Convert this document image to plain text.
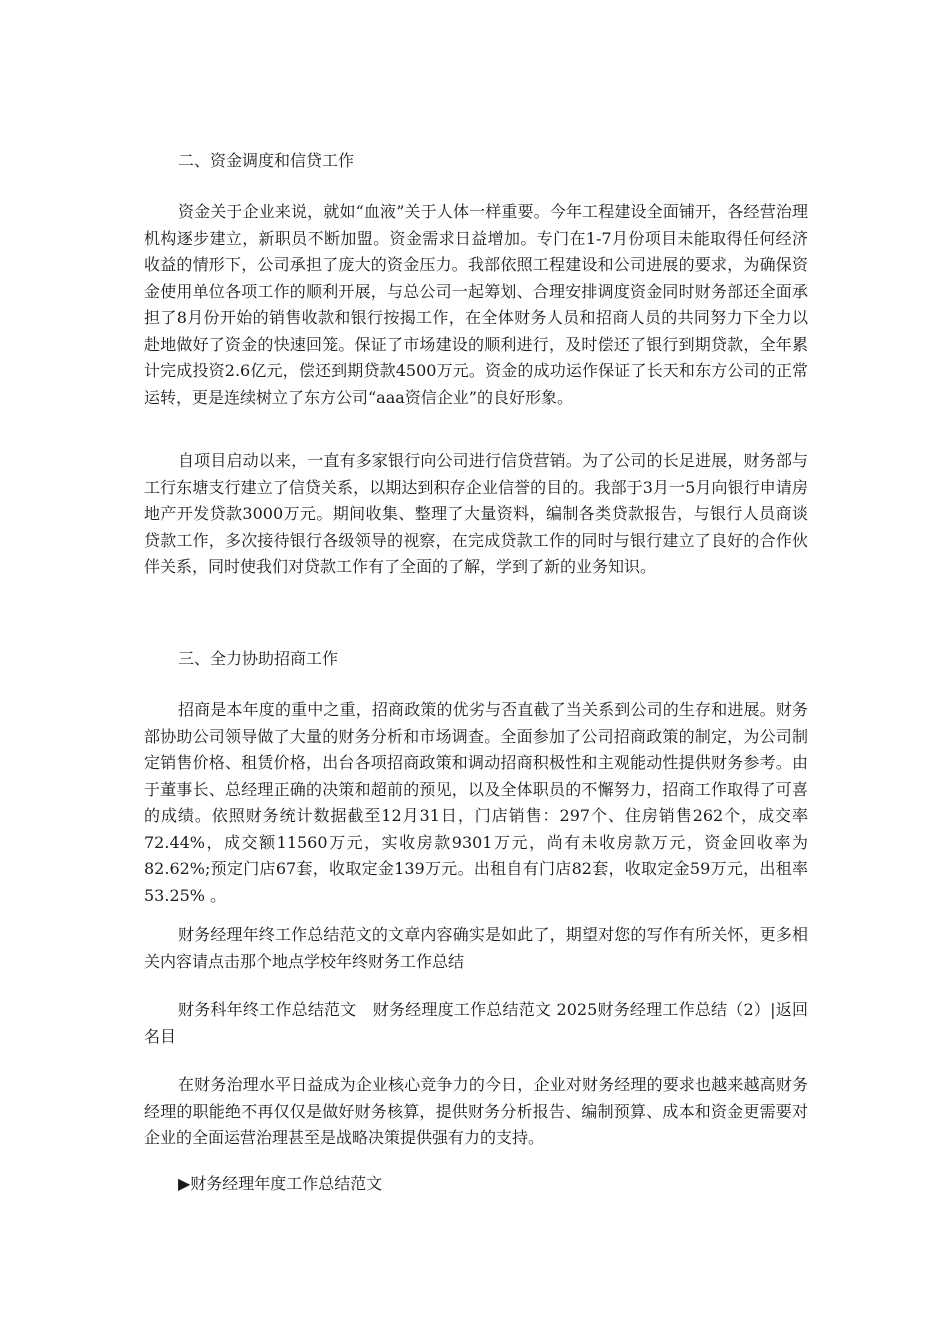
二、资金调度和信贷工作

资金关于企业来说，就如“血液”关于人体一样重要。今年工程建设全面铺开，各经营治理机构逐步建立，新职员不断加盟。资金需求日益增加。专门在1-7月份项目未能取得任何经济收益的情形下，公司承担了庞大的资金压力。我部依照工程建设和公司进展的要求，为确保资金使用单位各项工作的顺利开展，与总公司一起筹划、合理安排调度资金同时财务部还全面承担了8月份开始的销售收款和银行按揭工作，在全体财务人员和招商人员的共同努力下全力以赴地做好了资金的快速回笼。保证了市场建设的顺利进行，及时偿还了银行到期贷款，全年累计完成投资2.6亿元，偿还到期贷款4500万元。资金的成功运作保证了长天和东方公司的正常运转，更是连续树立了东方公司“aaa资信企业”的良好形象。

自项目启动以来，一直有多家银行向公司进行信贷营销。为了公司的长足进展，财务部与工行东塘支行建立了信贷关系，以期达到积存企业信誉的目的。我部于3月一5月向银行申请房地产开发贷款3000万元。期间收集、整理了大量资料，编制各类贷款报告，与银行人员商谈贷款工作，多次接待银行各级领导的视察，在完成贷款工作的同时与银行建立了良好的合作伙伴关系，同时使我们对贷款工作有了全面的了解，学到了新的业务知识。

三、全力协助招商工作

招商是本年度的重中之重，招商政策的优劣与否直截了当关系到公司的生存和进展。财务部协助公司领导做了大量的财务分析和市场调查。全面参加了公司招商政策的制定，为公司制定销售价格、租赁价格，出台各项招商政策和调动招商积极性和主观能动性提供财务参考。由于董事长、总经理正确的决策和超前的预见，以及全体职员的不懈努力，招商工作取得了可喜的成绩。依照财务统计数据截至12月31日，门店销售：297个、住房销售262个，成交率72.44%，成交额11560万元，实收房款9301万元，尚有未收房款万元，资金回收率为82.62%;预定门店67套，收取定金139万元。出租自有门店82套，收取定金59万元，出租率53.25% 。

财务经理年终工作总结范文的文章内容确实是如此了，期望对您的写作有所关怀，更多相关内容请点击那个地点学校年终财务工作总结

财务科年终工作总结范文　财务经理度工作总结范文 2025财务经理工作总结（2）|返回名目

在财务治理水平日益成为企业核心竞争力的今日，企业对财务经理的要求也越来越高财务经理的职能绝不再仅仅是做好财务核算，提供财务分析报告、编制预算、成本和资金更需要对企业的全面运营治理甚至是战略决策提供强有力的支持。

▶财务经理年度工作总结范文
